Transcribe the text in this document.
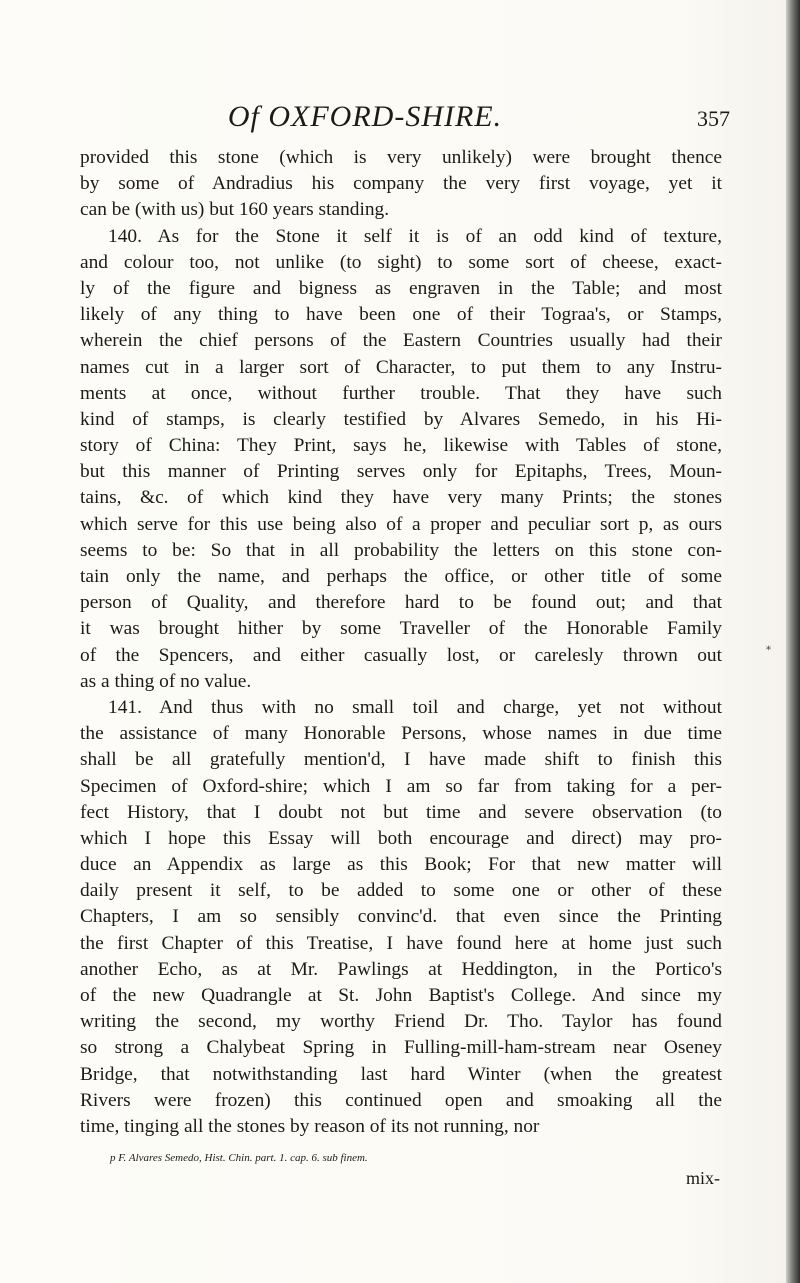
Of OXFORD-SHIRE.	357
provided this stone (which is very unlikely) were brought thence
by some of Andradius his company the very first voyage, yet it
can be (with us) but 160 years standing.
140. As for the Stone it self it is of an odd kind of texture,
and colour too, not unlike (to sight) to some sort of cheese, exact-
ly of the figure and bigness as engraven in the Table; and most
likely of any thing to have been one of their Tograa's, or Stamps,
wherein the chief persons of the Eastern Countries usually had their
names cut in a larger sort of Character, to put them to any Instru-
ments at once, without further trouble. That they have such
kind of stamps, is clearly testified by Alvares Semedo, in his Hi-
story of China: They Print, says he, likewise with Tables of stone,
but this manner of Printing serves only for Epitaphs, Trees, Moun-
tains, &c. of which kind they have very many Prints; the stones
which serve for this use being also of a proper and peculiar sort p, as ours
seems to be: So that in all probability the letters on this stone con-
tain only the name, and perhaps the office, or other title of some
person of Quality, and therefore hard to be found out; and that
it was brought hither by some Traveller of the Honorable Family
of the Spencers, and either casually lost, or carelesly thrown out
as a thing of no value.
141. And thus with no small toil and charge, yet not without
the assistance of many Honorable Persons, whose names in due time
shall be all gratefully mention'd, I have made shift to finish this
Specimen of Oxford-shire; which I am so far from taking for a per-
fect History, that I doubt not but time and severe observation (to
which I hope this Essay will both encourage and direct) may pro-
duce an Appendix as large as this Book; For that new matter will
daily present it self, to be added to some one or other of these
Chapters, I am so sensibly convinc'd. that even since the Printing
the first Chapter of this Treatise, I have found here at home just such
another Echo, as at Mr. Pawlings at Heddington, in the Portico's
of the new Quadrangle at St. John Baptist's College. And since my
writing the second, my worthy Friend Dr. Tho. Taylor has found
so strong a Chalybeat Spring in Fulling-mill-ham-stream near Oseney
Bridge, that notwithstanding last hard Winter (when the greatest
Rivers were frozen) this continued open and smoaking all the
time, tinging all the stones by reason of its not running, nor
*
p F. Alvares Semedo, Hist. Chin. part. 1. cap. 6. sub finem.
mix-
